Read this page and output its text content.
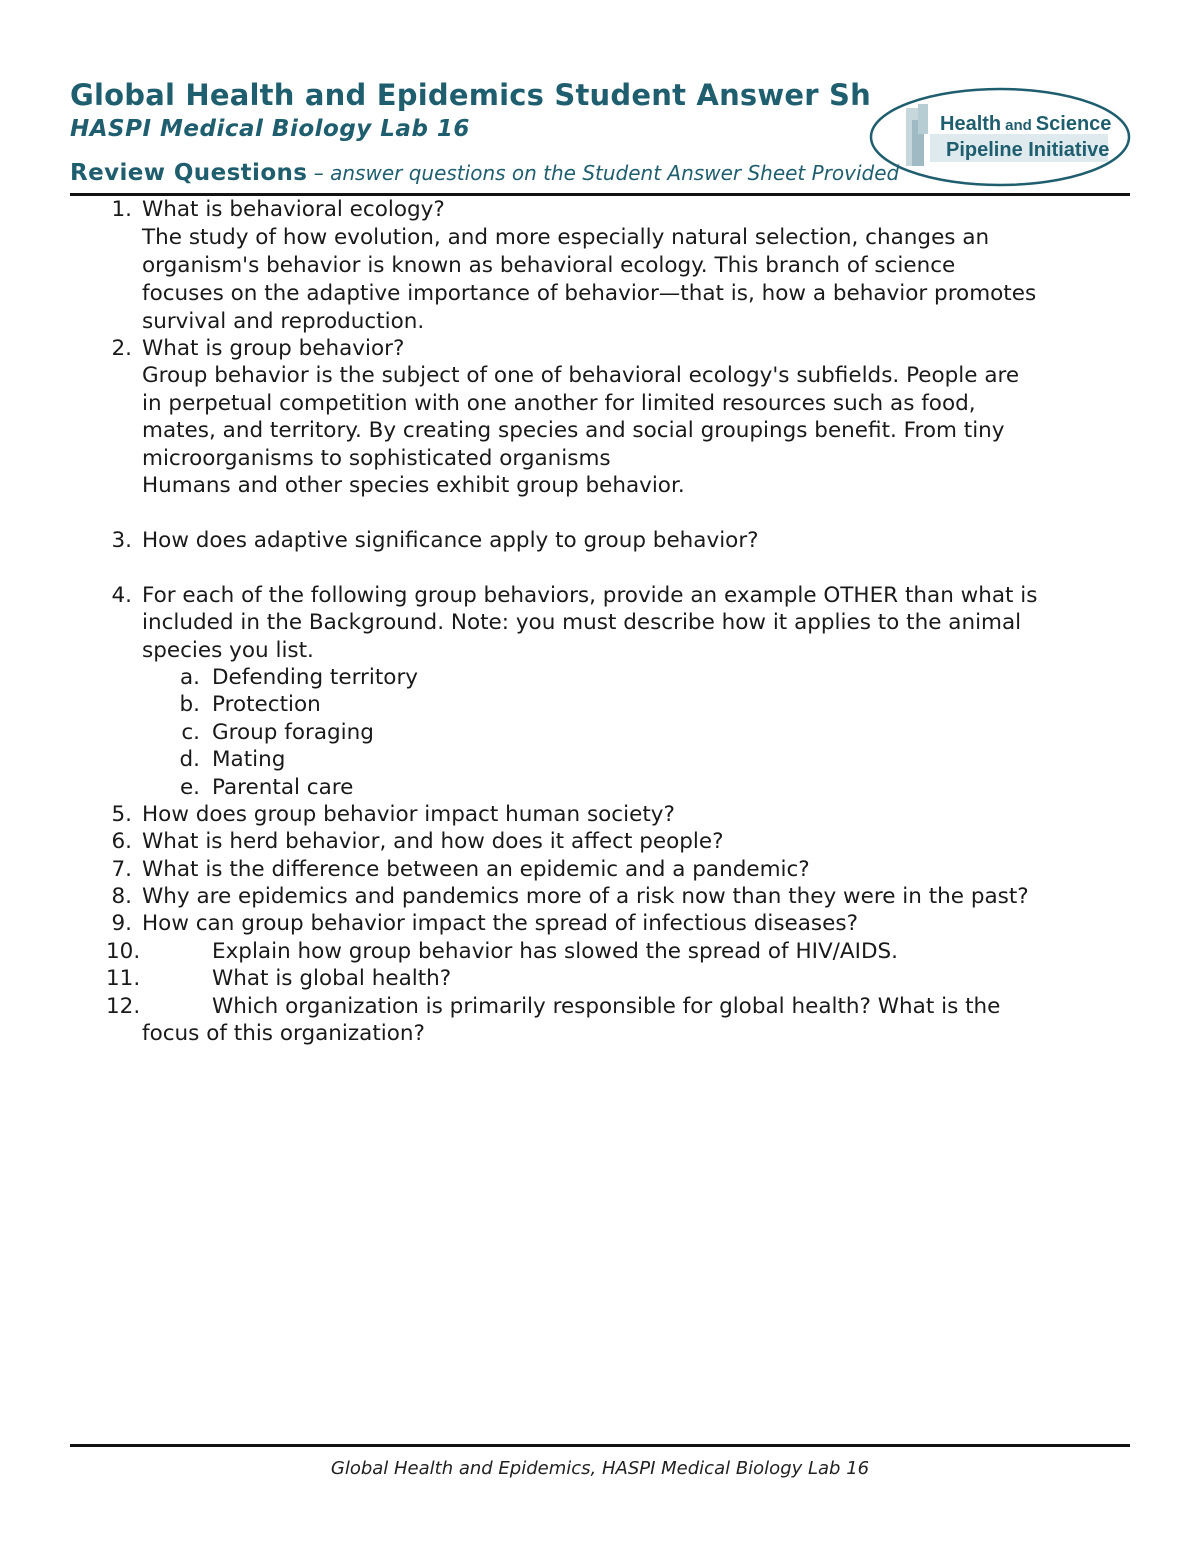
Global Health and Epidemics Student Answer Sh
HASPI Medical Biology Lab 16	Health and Science
Pipeline Initiative
Review Questions – answer questions on the Student Answer Sheet Provided
1. What is behavioral ecology?
The study of how evolution, and more especially natural selection, changes an
organism's behavior is known as behavioral ecology. This branch of science
focuses on the adaptive importance of behavior—that is, how a behavior promotes
survival and reproduction.
2. What is group behavior?
Group behavior is the subject of one of behavioral ecology's subfields. People are
in perpetual competition with one another for limited resources such as food,
mates, and territory. By creating species and social groupings benefit. From tiny
microorganisms to sophisticated organisms
Humans and other species exhibit group behavior.
3. How does adaptive significance apply to group behavior?
4. For each of the following group behaviors, provide an example OTHER than what is
included in the Background. Note: you must describe how it applies to the animal
species you list.
a. Defending territory
b. Protection
c. Group foraging
d. Mating
e. Parental care
5. How does group behavior impact human society?
6. What is herd behavior, and how does it affect people?
7. What is the difference between an epidemic and a pandemic?
8. Why are epidemics and pandemics more of a risk now than they were in the past?
9. How can group behavior impact the spread of infectious diseases?
10.	Explain how group behavior has slowed the spread of HIV/AIDS.
11.	What is global health?
12.	Which organization is primarily responsible for global health? What is the
focus of this organization?
Global Health and Epidemics, HASPI Medical Biology Lab 16
